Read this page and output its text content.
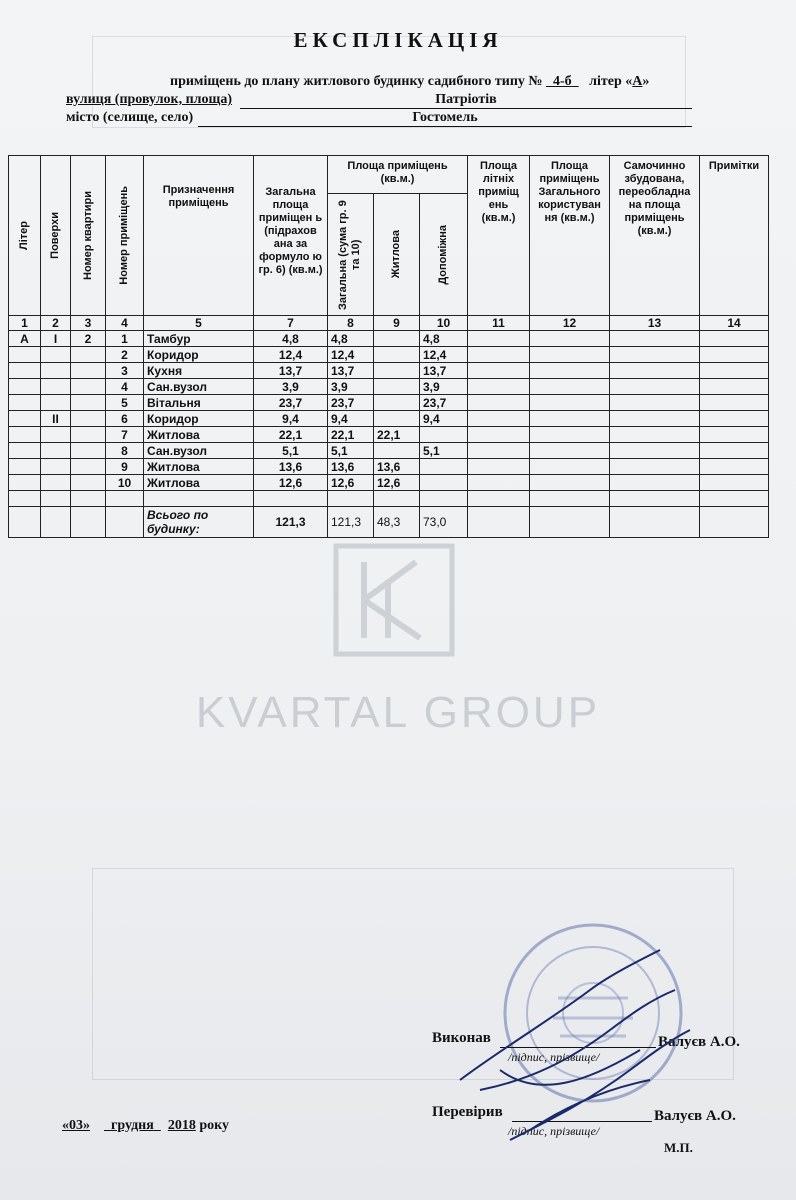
KVARTAL GROUP
ЕКСПЛІКАЦІЯ
приміщень до плану житлового будинку садибного типу № 4-б літер «А»
вулиця (провулок, площа)	Патріотів
місто (селище, село)	Гостомель
Літер	Поверхи	Номер квартири	Номер приміщень	Призначення приміщень	Загальна площа приміщен ь (підрахов ана за формуло ю гр. 6) (кв.м.)	Площа приміщень (кв.м.)			Площа літніх приміщ ень (кв.м.)	Площа приміщень Загального користуван ня (кв.м.)	Самочинно збудована, переобладна на площа приміщень (кв.м.)	Примітки

						Загальна (сума гр. 9 та 10)	Житлова	Допоміжна				

1	2	3	4	5	7	8	9	10	11	12	13	14
А	I	2	1	Тамбур	4,8	4,8		4,8				
			2	Коридор	12,4	12,4		12,4				
			3	Кухня	13,7	13,7		13,7				
			4	Сан.вузол	3,9	3,9		3,9				
			5	Вітальня	23,7	23,7		23,7				
	II		6	Коридор	9,4	9,4		9,4				
			7	Житлова	22,1	22,1	22,1					
			8	Сан.вузол	5,1	5,1		5,1				
			9	Житлова	13,6	13,6	13,6					
			10	Житлова	12,6	12,6	12,6					

				Всього по будинку:	121,3	121,3	48,3	73,0				
Виконав	Валуєв А.О.
/підпис, прізвище/
Перевірив	Валуєв А.О.
/підпис, прізвище/
«03» грудня 2018 року
М.П.
